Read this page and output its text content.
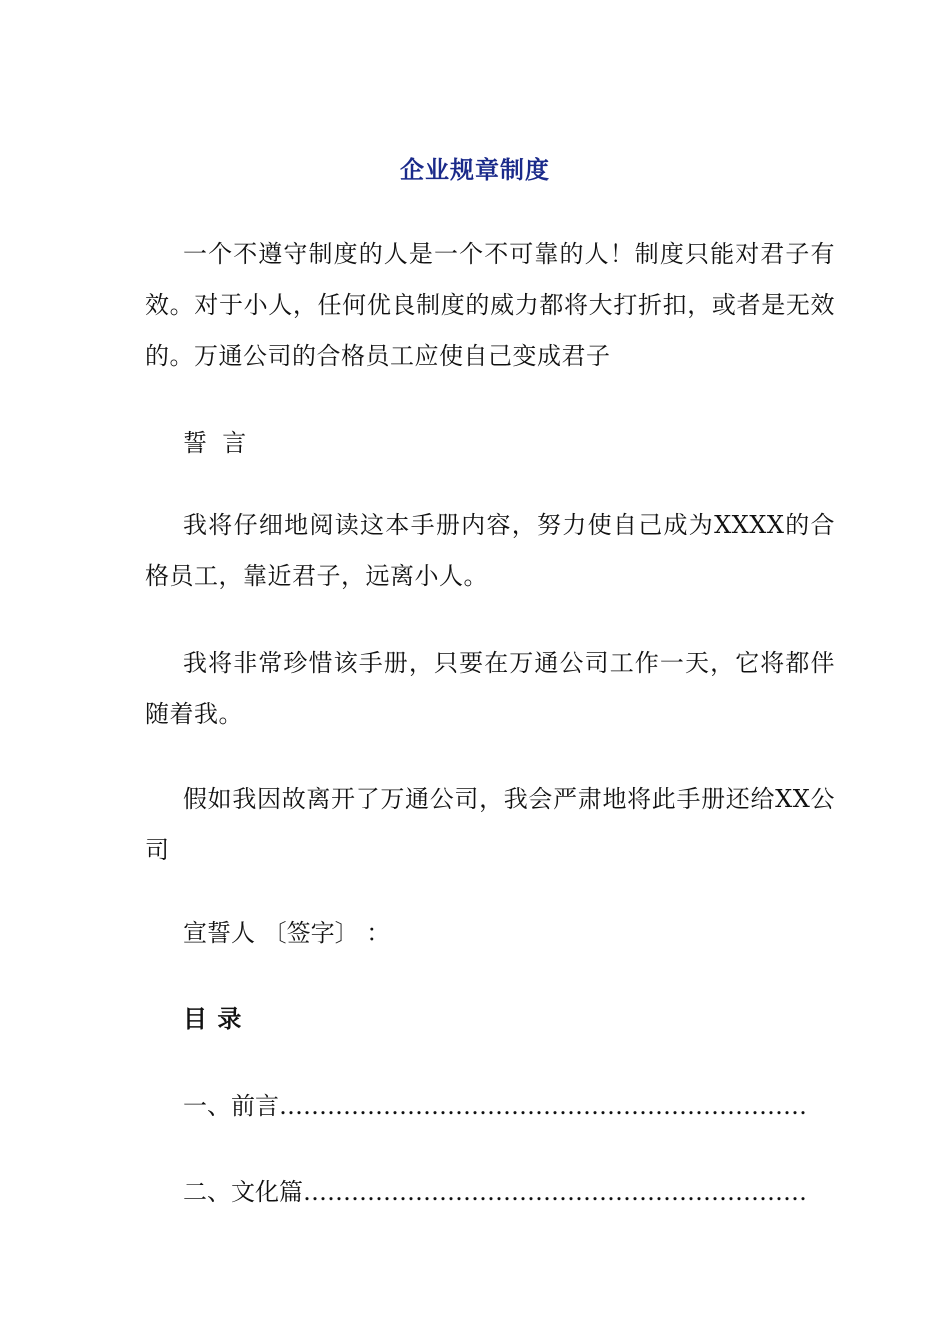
企业规章制度
一个不遵守制度的人是一个不可靠的人！制度只能对君子有效。对于小人，任何优良制度的威力都将大打折扣，或者是无效的。万通公司的合格员工应使自己变成君子
誓  言
我将仔细地阅读这本手册内容，努力使自己成为XXXX的合格员工，靠近君子，远离小人。
我将非常珍惜该手册，只要在万通公司工作一天，它将都伴随着我。
假如我因故离开了万通公司，我会严肃地将此手册还给XX公司
宣誓人 〔签字〕 ：
目 录
一、前言…………………………………………………………
二、文化篇………………………………………………………
